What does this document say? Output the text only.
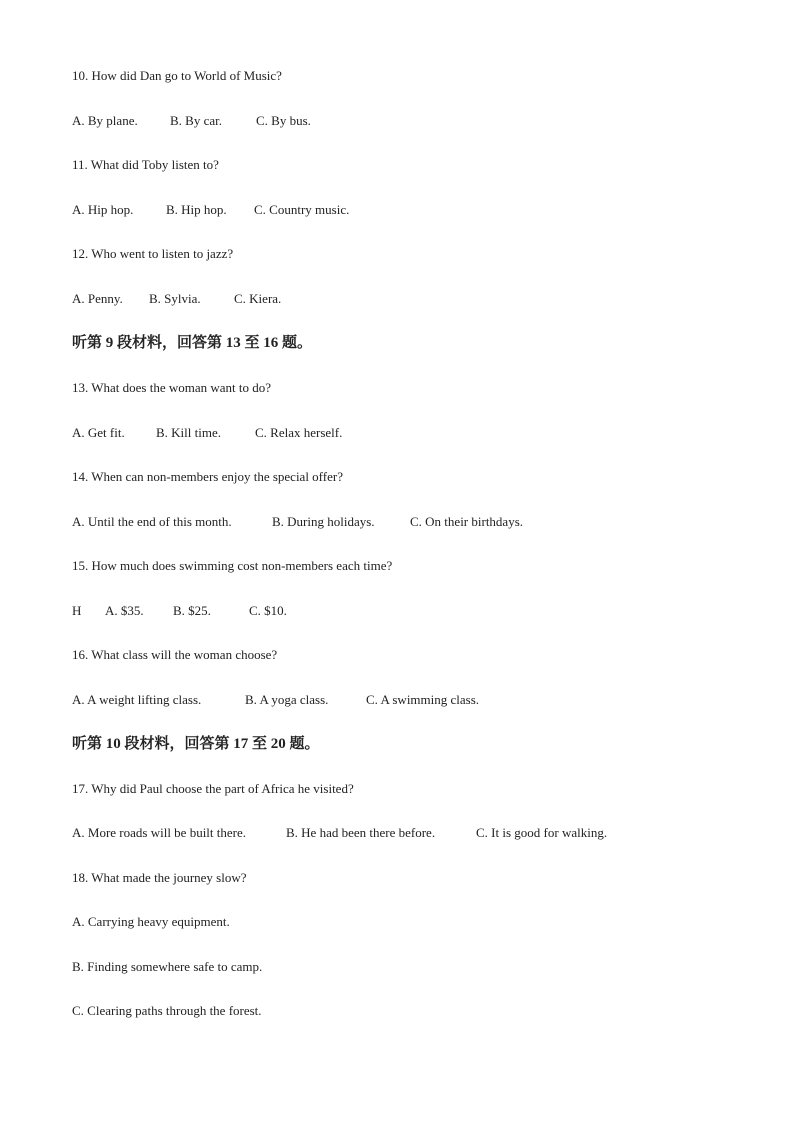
10. How did Dan go to World of Music?
A. By plane. B. By car.	C. By bus.
11. What did Toby listen to?
A. Hip hop.	B. Hip hop. C. Country music.
12. Who went to listen to jazz?
A. Penny. B. Sylvia.	C. Kiera.
听第 9 段材料，回答第 13 至 16 题。
13. What does the woman want to do?
A. Get fit. B. Kill time.	C. Relax herself.
14. When can non-members enjoy the special offer?
A. Until the end of this month.	B. During holidays.	C. On their birthdays.
15. How much does swimming cost non-members each time?
H A. $35. B. $25.	C. $10.
16. What class will the woman choose?
A. A weight lifting class.	B. A yoga class.	C. A swimming class.
听第 10 段材料，回答第 17 至 20 题。
17. Why did Paul choose the part of Africa he visited?
A. More roads will be built there.	B. He had been there before.	C. It is good for walking.
18. What made the journey slow?
A. Carrying heavy equipment.
B. Finding somewhere safe to camp.
C. Clearing paths through the forest.
